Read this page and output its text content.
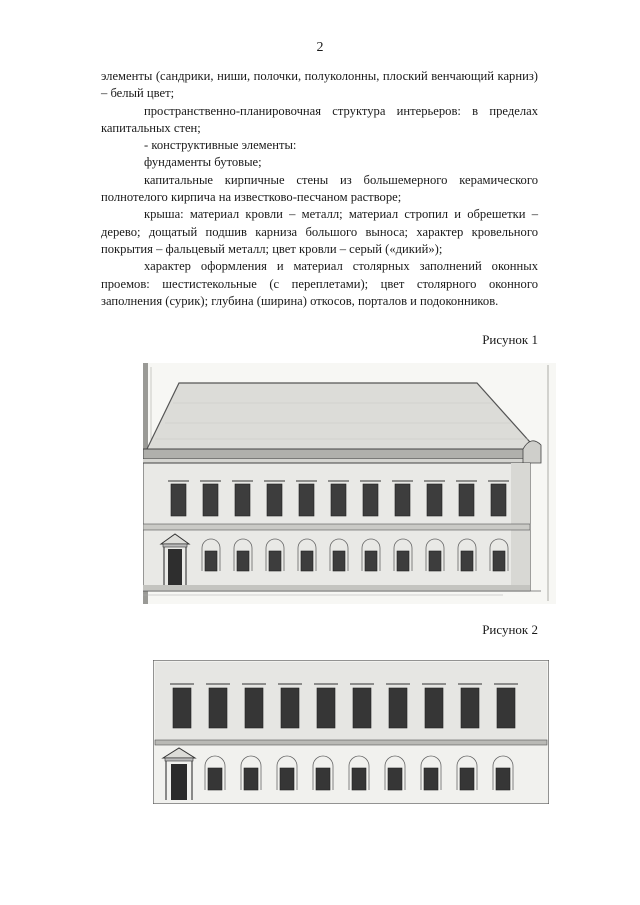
2

элементы (сандрики, ниши, полочки, полуколонны, плоский венчающий карниз) – белый цвет;

пространственно-планировочная структура интерьеров: в пределах капитальных стен;

- конструктивные элементы:

фундаменты бутовые;

капитальные кирпичные стены из большемерного керамического полнотелого кирпича на известково-песчаном растворе;

крыша: материал кровли – металл; материал стропил и обрешетки – дерево; дощатый подшив карниза большого выноса; характер кровельного покрытия – фальцевый металл; цвет кровли – серый («дикий»);

характер оформления и материал столярных заполнений оконных проемов: шестистекольные (с переплетами); цвет столярного оконного заполнения (сурик); глубина (ширина) откосов, порталов и подоконников.

Рисунок 1
Рисунок 2
